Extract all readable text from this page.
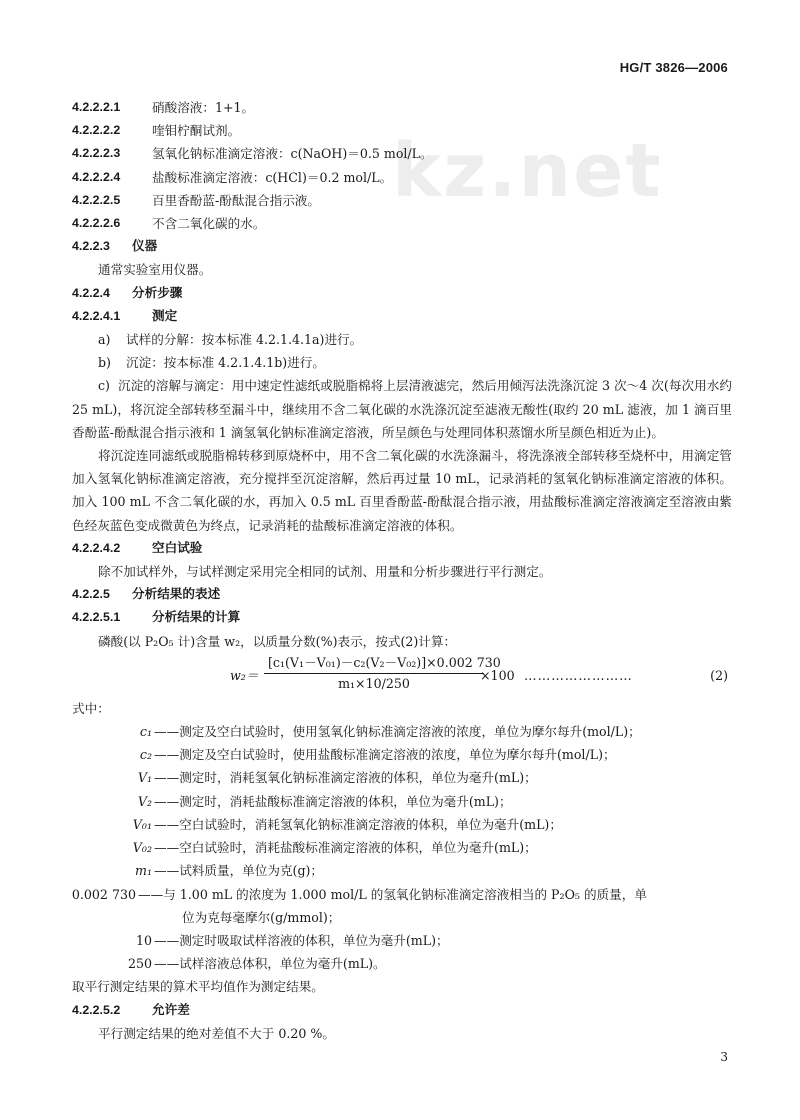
HG/T 3826—2006
kz.net
4.2.2.2.1	硝酸溶液：1+1。
4.2.2.2.2	喹钼柠酮试剂。
4.2.2.2.3	氢氧化钠标准滴定溶液：c(NaOH)＝0.5 mol/L。
4.2.2.2.4	盐酸标准滴定溶液：c(HCl)＝0.2 mol/L。
4.2.2.2.5	百里香酚蓝-酚酞混合指示液。
4.2.2.2.6	不含二氧化碳的水。
4.2.2.3	仪器
通常实验室用仪器。
4.2.2.4	分析步骤
4.2.2.4.1	测定
a)	试样的分解：按本标准 4.2.1.4.1a)进行。
b)	沉淀：按本标准 4.2.1.4.1b)进行。
c) 沉淀的溶解与滴定：用中速定性滤纸或脱脂棉将上层清液滤完，然后用倾泻法洗涤沉淀 3 次～4 次(每次用水约 25 mL)，将沉淀全部转移至漏斗中，继续用不含二氧化碳的水洗涤沉淀至滤液无酸性(取约 20 mL 滤液，加 1 滴百里香酚蓝-酚酞混合指示液和 1 滴氢氧化钠标准滴定溶液，所呈颜色与处理同体积蒸馏水所呈颜色相近为止)。
将沉淀连同滤纸或脱脂棉转移到原烧杯中，用不含二氧化碳的水洗涤漏斗，将洗涤液全部转移至烧杯中，用滴定管加入氢氧化钠标准滴定溶液，充分搅拌至沉淀溶解，然后再过量 10 mL，记录消耗的氢氧化钠标准滴定溶液的体积。加入 100 mL 不含二氧化碳的水，再加入 0.5 mL 百里香酚蓝-酚酞混合指示液，用盐酸标准滴定溶液滴定至溶液由紫色经灰蓝色变成微黄色为终点，记录消耗的盐酸标准滴定溶液的体积。
4.2.2.4.2	空白试验
除不加试样外，与试样测定采用完全相同的试剂、用量和分析步骤进行平行测定。
4.2.2.5	分析结果的表述
4.2.2.5.1	分析结果的计算
磷酸(以 P₂O₅ 计)含量 w₂，以质量分数(%)表示，按式(2)计算：
$w_2= \frac{\text{[c₁(V₁－V₀₁)－c₂(V₂－V₀₂)]×0.002 730}}{\text{m₁×10/250}}$
×100 ……………………	(2)
式中：
c₁ ——测定及空白试验时，使用氢氧化钠标准滴定溶液的浓度，单位为摩尔每升(mol/L)；
c₂ ——测定及空白试验时，使用盐酸标准滴定溶液的浓度，单位为摩尔每升(mol/L)；
V₁ ——测定时，消耗氢氧化钠标准滴定溶液的体积，单位为毫升(mL)；
V₂ ——测定时，消耗盐酸标准滴定溶液的体积，单位为毫升(mL)；
V₀₁ ——空白试验时，消耗氢氧化钠标准滴定溶液的体积，单位为毫升(mL)；
V₀₂ ——空白试验时，消耗盐酸标准滴定溶液的体积，单位为毫升(mL)；
m₁ ——试料质量，单位为克(g)；
0.002 730 ——与 1.00 mL 的浓度为 1.000 mol/L 的氢氧化钠标准滴定溶液相当的 P₂O₅ 的质量，单
位为克每毫摩尔(g/mmol)；
10 ——测定时吸取试样溶液的体积，单位为毫升(mL)；
250 ——试样溶液总体积，单位为毫升(mL)。
取平行测定结果的算术平均值作为测定结果。
4.2.2.5.2	允许差
平行测定结果的绝对差值不大于 0.20 %。
3
